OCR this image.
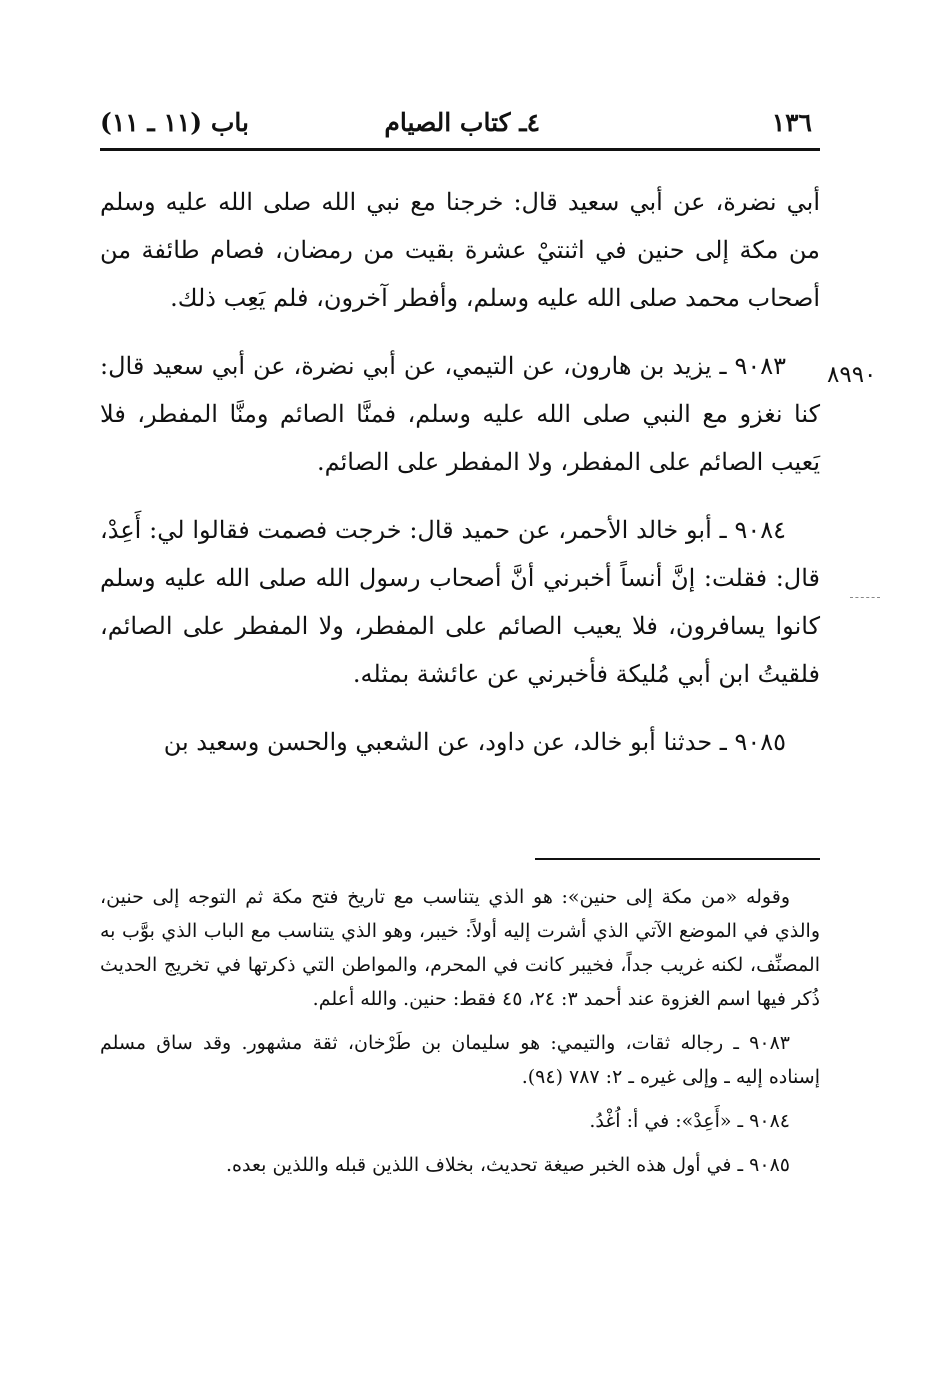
١٣٦
٤ـ كتاب الصيام
باب (١١ ـ ١١)
٨٩٩٠

أبي نضرة، عن أبي سعيد قال: خرجنا مع نبي الله صلى الله عليه وسلم من مكة إلى حنين في اثنتيْ عشرة بقيت من رمضان، فصام طائفة من أصحاب محمد صلى الله عليه وسلم، وأفطر آخرون، فلم يَعِب ذلك.

٩٠٨٣ ـ يزيد بن هارون، عن التيمي، عن أبي نضرة، عن أبي سعيد قال: كنا نغزو مع النبي صلى الله عليه وسلم، فمنَّا الصائم ومنَّا المفطر، فلا يَعيب الصائم على المفطر، ولا المفطر على الصائم.

٩٠٨٤ ـ أبو خالد الأحمر، عن حميد قال: خرجت فصمت فقالوا لي: أَعِدْ، قال: فقلت: إنَّ أنساً أخبرني أنَّ أصحاب رسول الله صلى الله عليه وسلم كانوا يسافرون، فلا يعيب الصائم على المفطر، ولا المفطر على الصائم، فلقيتُ ابن أبي مُليكة فأخبرني عن عائشة بمثله.

٩٠٨٥ ـ حدثنا أبو خالد، عن داود، عن الشعبي والحسن وسعيد بن

وقوله «من مكة إلى حنين»: هو الذي يتناسب مع تاريخ فتح مكة ثم التوجه إلى حنين، والذي في الموضع الآتي الذي أشرت إليه أولاً: خيبر، وهو الذي يتناسب مع الباب الذي بوَّب به المصنِّف، لكنه غريب جداً، فخيبر كانت في المحرم، والمواطن التي ذكرتها في تخريج الحديث ذُكر فيها اسم الغزوة عند أحمد ٣: ٢٤، ٤٥ فقط: حنين. والله أعلم.

٩٠٨٣ ـ رجاله ثقات، والتيمي: هو سليمان بن طَرْخان، ثقة مشهور. وقد ساق مسلم إسناده إليه ـ وإلى غيره ـ ٢: ٧٨٧ (٩٤).

٩٠٨٤ ـ «أَعِدْ»: في أ: اُغْدُ.

٩٠٨٥ ـ في أول هذه الخبر صيغة تحديث، بخلاف اللذين قبله واللذين بعده.
